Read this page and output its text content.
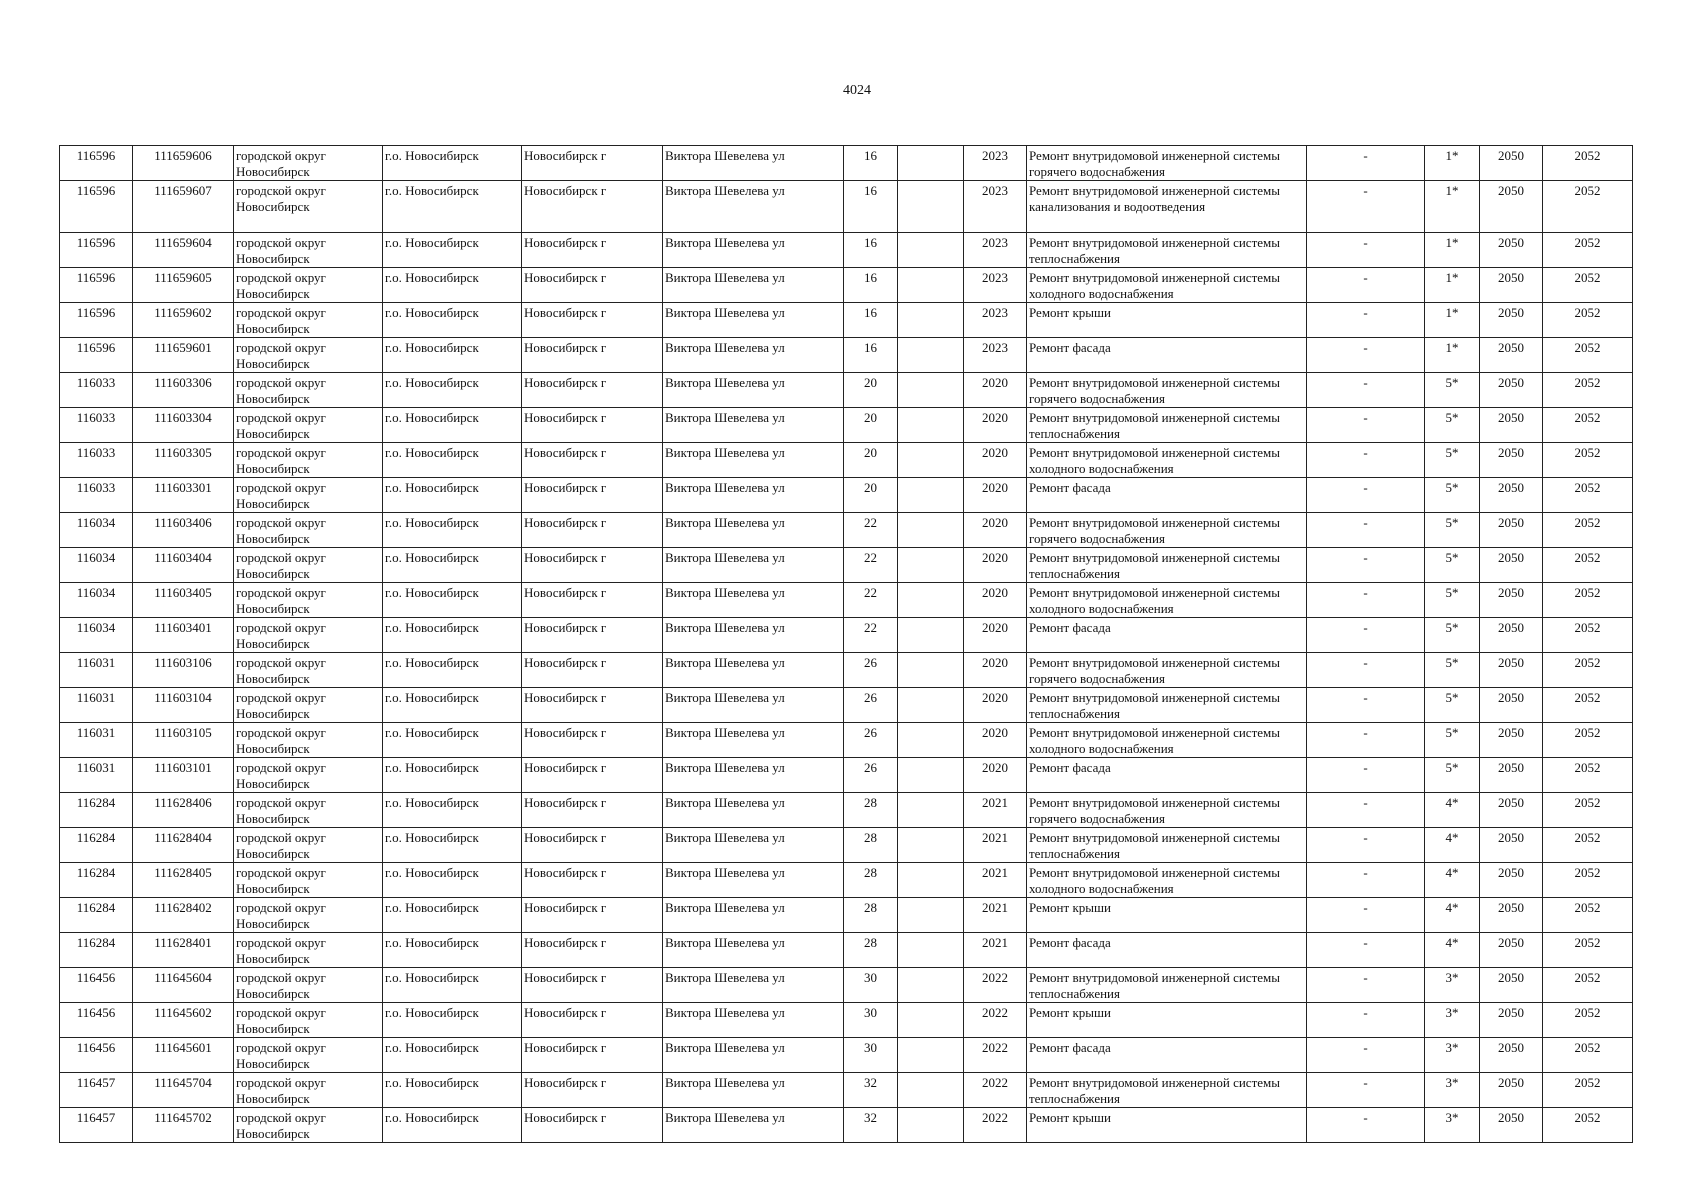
4024
116596	111659606	городской округ Новосибирск	г.о. Новосибирск	Новосибирск г	Виктора Шевелева ул	16		2023	Ремонт внутридомовой инженерной системы горячего водоснабжения	-	1*	2050	2052
116596	111659607	городской округ Новосибирск	г.о. Новосибирск	Новосибирск г	Виктора Шевелева ул	16		2023	Ремонт внутридомовой инженерной системы канализования и водоотведения	-	1*	2050	2052
116596	111659604	городской округ Новосибирск	г.о. Новосибирск	Новосибирск г	Виктора Шевелева ул	16		2023	Ремонт внутридомовой инженерной системы теплоснабжения	-	1*	2050	2052
116596	111659605	городской округ Новосибирск	г.о. Новосибирск	Новосибирск г	Виктора Шевелева ул	16		2023	Ремонт внутридомовой инженерной системы холодного водоснабжения	-	1*	2050	2052
116596	111659602	городской округ Новосибирск	г.о. Новосибирск	Новосибирск г	Виктора Шевелева ул	16		2023	Ремонт крыши	-	1*	2050	2052
116596	111659601	городской округ Новосибирск	г.о. Новосибирск	Новосибирск г	Виктора Шевелева ул	16		2023	Ремонт фасада	-	1*	2050	2052
116033	111603306	городской округ Новосибирск	г.о. Новосибирск	Новосибирск г	Виктора Шевелева ул	20		2020	Ремонт внутридомовой инженерной системы горячего водоснабжения	-	5*	2050	2052
116033	111603304	городской округ Новосибирск	г.о. Новосибирск	Новосибирск г	Виктора Шевелева ул	20		2020	Ремонт внутридомовой инженерной системы теплоснабжения	-	5*	2050	2052
116033	111603305	городской округ Новосибирск	г.о. Новосибирск	Новосибирск г	Виктора Шевелева ул	20		2020	Ремонт внутридомовой инженерной системы холодного водоснабжения	-	5*	2050	2052
116033	111603301	городской округ Новосибирск	г.о. Новосибирск	Новосибирск г	Виктора Шевелева ул	20		2020	Ремонт фасада	-	5*	2050	2052
116034	111603406	городской округ Новосибирск	г.о. Новосибирск	Новосибирск г	Виктора Шевелева ул	22		2020	Ремонт внутридомовой инженерной системы горячего водоснабжения	-	5*	2050	2052
116034	111603404	городской округ Новосибирск	г.о. Новосибирск	Новосибирск г	Виктора Шевелева ул	22		2020	Ремонт внутридомовой инженерной системы теплоснабжения	-	5*	2050	2052
116034	111603405	городской округ Новосибирск	г.о. Новосибирск	Новосибирск г	Виктора Шевелева ул	22		2020	Ремонт внутридомовой инженерной системы холодного водоснабжения	-	5*	2050	2052
116034	111603401	городской округ Новосибирск	г.о. Новосибирск	Новосибирск г	Виктора Шевелева ул	22		2020	Ремонт фасада	-	5*	2050	2052
116031	111603106	городской округ Новосибирск	г.о. Новосибирск	Новосибирск г	Виктора Шевелева ул	26		2020	Ремонт внутридомовой инженерной системы горячего водоснабжения	-	5*	2050	2052
116031	111603104	городской округ Новосибирск	г.о. Новосибирск	Новосибирск г	Виктора Шевелева ул	26		2020	Ремонт внутридомовой инженерной системы теплоснабжения	-	5*	2050	2052
116031	111603105	городской округ Новосибирск	г.о. Новосибирск	Новосибирск г	Виктора Шевелева ул	26		2020	Ремонт внутридомовой инженерной системы холодного водоснабжения	-	5*	2050	2052
116031	111603101	городской округ Новосибирск	г.о. Новосибирск	Новосибирск г	Виктора Шевелева ул	26		2020	Ремонт фасада	-	5*	2050	2052
116284	111628406	городской округ Новосибирск	г.о. Новосибирск	Новосибирск г	Виктора Шевелева ул	28		2021	Ремонт внутридомовой инженерной системы горячего водоснабжения	-	4*	2050	2052
116284	111628404	городской округ Новосибирск	г.о. Новосибирск	Новосибирск г	Виктора Шевелева ул	28		2021	Ремонт внутридомовой инженерной системы теплоснабжения	-	4*	2050	2052
116284	111628405	городской округ Новосибирск	г.о. Новосибирск	Новосибирск г	Виктора Шевелева ул	28		2021	Ремонт внутридомовой инженерной системы холодного водоснабжения	-	4*	2050	2052
116284	111628402	городской округ Новосибирск	г.о. Новосибирск	Новосибирск г	Виктора Шевелева ул	28		2021	Ремонт крыши	-	4*	2050	2052
116284	111628401	городской округ Новосибирск	г.о. Новосибирск	Новосибирск г	Виктора Шевелева ул	28		2021	Ремонт фасада	-	4*	2050	2052
116456	111645604	городской округ Новосибирск	г.о. Новосибирск	Новосибирск г	Виктора Шевелева ул	30		2022	Ремонт внутридомовой инженерной системы теплоснабжения	-	3*	2050	2052
116456	111645602	городской округ Новосибирск	г.о. Новосибирск	Новосибирск г	Виктора Шевелева ул	30		2022	Ремонт крыши	-	3*	2050	2052
116456	111645601	городской округ Новосибирск	г.о. Новосибирск	Новосибирск г	Виктора Шевелева ул	30		2022	Ремонт фасада	-	3*	2050	2052
116457	111645704	городской округ Новосибирск	г.о. Новосибирск	Новосибирск г	Виктора Шевелева ул	32		2022	Ремонт внутридомовой инженерной системы теплоснабжения	-	3*	2050	2052
116457	111645702	городской округ Новосибирск	г.о. Новосибирск	Новосибирск г	Виктора Шевелева ул	32		2022	Ремонт крыши	-	3*	2050	2052
